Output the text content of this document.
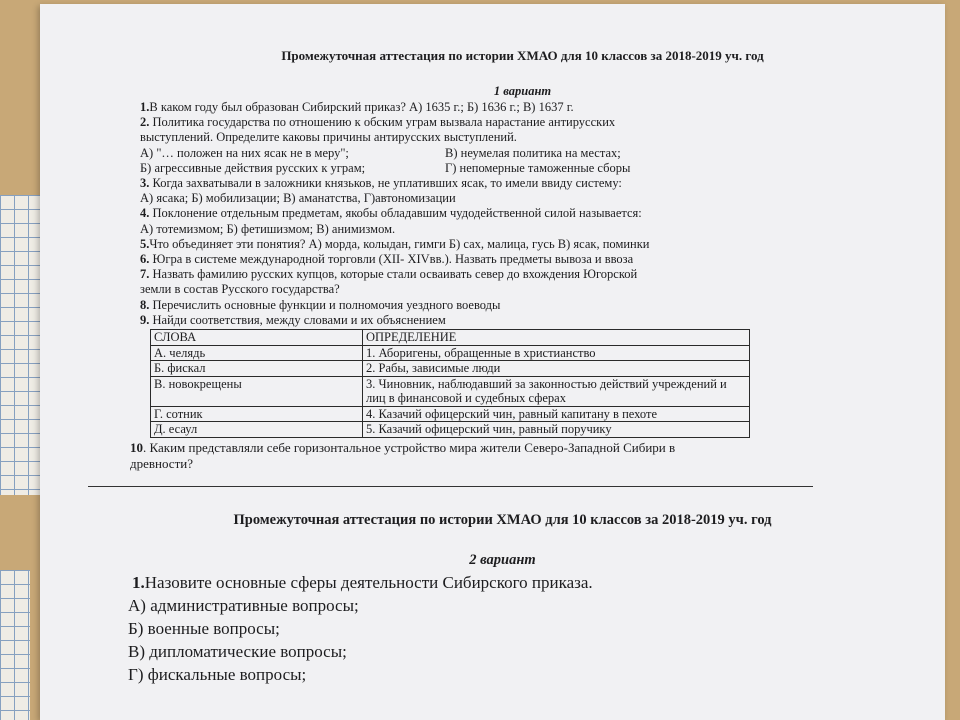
Промежуточная аттестация по истории ХМАО для 10 классов за 2018-2019 уч. год
1 вариант

1.В каком году был образован Сибирский приказ? А) 1635 г.; Б) 1636 г.; В) 1637 г.

2. Политика государства по отношению к обским уграм вызвала нарастание антирусских

выступлений. Определите каковы причины антирусских выступлений.

А) "… положен на них ясак не в меру";	В) неумелая политика на местах;
Б) агрессивные действия русских к уграм;	Г) непомерные таможенные сборы

3. Когда захватывали в заложники князьков, не уплативших ясак, то имели ввиду систему:

А) ясака; Б) мобилизации; В) аманатства, Г)автономизации

4. Поклонение отдельным предметам, якобы обладавшим чудодейственной силой называется:

А) тотемизмом; Б) фетишизмом; В) анимизмом.

5.Что объединяет эти понятия? А) морда, колыдан, гимги Б) сах, малица, гусь В) ясак, поминки

6. Югра в системе международной торговли (XII- XIVвв.). Назвать предметы вывоза и ввоза

7. Назвать фамилию русских купцов, которые стали осваивать север до вхождения Югорской

земли в состав Русского государства?

8. Перечислить основные функции и полномочия уездного воеводы

9. Найди соответствия, между словами и их объяснением

СЛОВА	ОПРЕДЕЛЕНИЕ
А. челядь	1. Аборигены, обращенные в христианство
Б. фискал	2. Рабы, зависимые люди
В. новокрещены	3. Чиновник, наблюдавший за законностью действий учреждений и лиц в финансовой и судебных сферах
Г. сотник	4. Казачий офицерский чин, равный капитану в пехоте
Д. есаул	5. Казачий офицерский чин, равный поручику

10. Каким представляли себе горизонтальное устройство мира жители Северо-Западной Сибири в

древности?

Промежуточная аттестация по истории ХМАО для 10 классов за 2018-2019 уч. год
2 вариант

1.Назовите основные сферы деятельности Сибирского приказа.

А) административные вопросы;

Б) военные вопросы;

В) дипломатические вопросы;

Г) фискальные вопросы;
